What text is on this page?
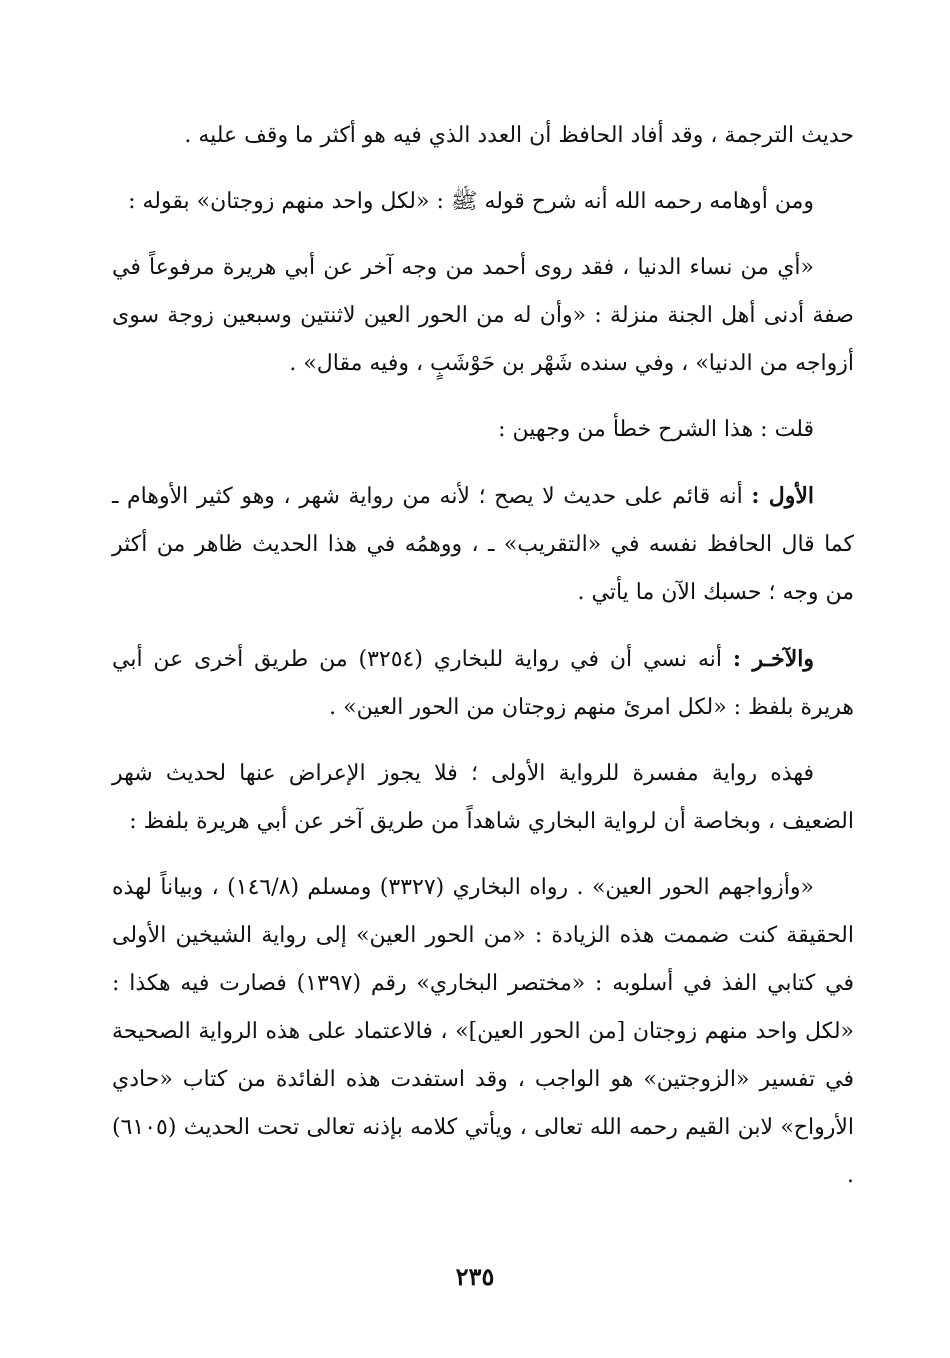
حديث الترجمة ، وقد أفاد الحافظ أن العدد الذي فيه هو أكثر ما وقف عليه .

ومن أوهامه رحمه الله أنه شرح قوله ﷺ : «لكل واحد منهم زوجتان» بقوله :

«أي من نساء الدنيا ، فقد روى أحمد من وجه آخر عن أبي هريرة مرفوعاً في صفة أدنى أهل الجنة منزلة : «وأن له من الحور العين لاثنتين وسبعين زوجة سوى أزواجه من الدنيا» ، وفي سنده شَهْر بن حَوْشَبٍ ، وفيه مقال» .

قلت : هذا الشرح خطأ من وجهين :

الأول : أنه قائم على حديث لا يصح ؛ لأنه من رواية شهر ، وهو كثير الأوهام ـ كما قال الحافظ نفسه في «التقريب» ـ ، ووهمُه في هذا الحديث ظاهر من أكثر من وجه ؛ حسبك الآن ما يأتي .

والآخـر : أنه نسي أن في رواية للبخاري (٣٢٥٤) من طريق أخرى عن أبي هريرة بلفظ : «لكل امرئ منهم زوجتان من الحور العين» .

فهذه رواية مفسرة للرواية الأولى ؛ فلا يجوز الإعراض عنها لحديث شهر الضعيف ، وبخاصة أن لرواية البخاري شاهداً من طريق آخر عن أبي هريرة بلفظ :

«وأزواجهم الحور العين» . رواه البخاري (٣٣٢٧) ومسلم (١٤٦/٨) ، وبياناً لهذه الحقيقة كنت ضممت هذه الزيادة : «من الحور العين» إلى رواية الشيخين الأولى في كتابي الفذ في أسلوبه : «مختصر البخاري» رقم (١٣٩٧) فصارت فيه هكذا : «لكل واحد منهم زوجتان [من الحور العين]» ، فالاعتماد على هذه الرواية الصحيحة في تفسير «الزوجتين» هو الواجب ، وقد استفدت هذه الفائدة من كتاب «حادي الأرواح» لابن القيم رحمه الله تعالى ، ويأتي كلامه بإذنه تعالى تحت الحديث (٦١٠٥) .

٢٣٥
